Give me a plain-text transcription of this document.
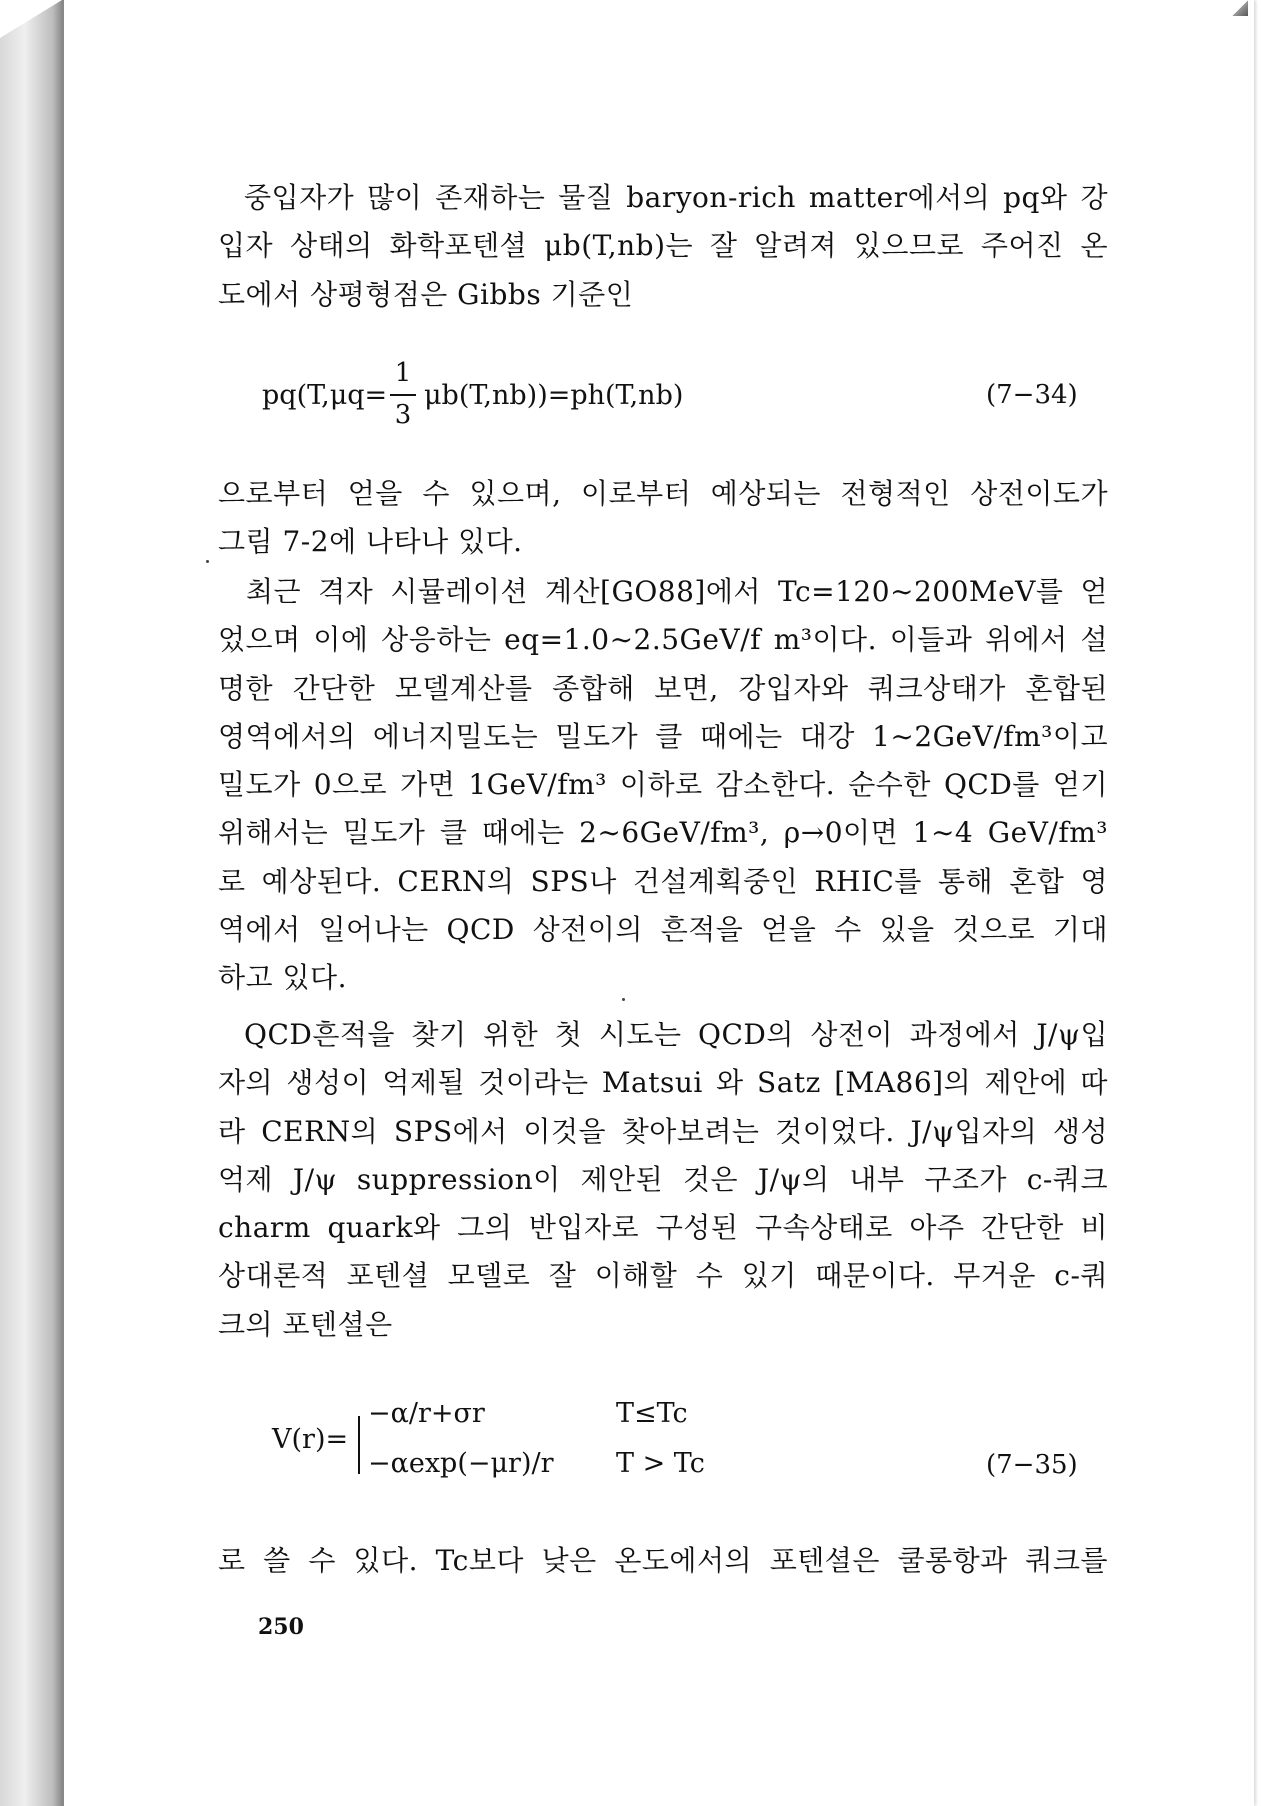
중입자가 많이 존재하는 물질 baryon-rich matter에서의 pq와 강
입자 상태의 화학포텐셜 μb(T,nb)는 잘 알려져 있으므로 주어진 온
도에서 상평형점은 Gibbs 기준인
pq(T,μq=
1
3
μb(T,nb))=ph(T,nb)	(7−34)
으로부터 얻을 수 있으며, 이로부터 예상되는 전형적인 상전이도가
그림 7-2에 나타나 있다.
최근 격자 시뮬레이션 계산[GO88]에서 Tc=120∼200MeV를 얻
었으며 이에 상응하는 eq=1.0∼2.5GeV/f m³이다. 이들과 위에서 설
명한 간단한 모델계산를 종합해 보면, 강입자와 쿼크상태가 혼합된
영역에서의 에너지밀도는 밀도가 클 때에는 대강 1∼2GeV/fm³이고
밀도가 0으로 가면 1GeV/fm³ 이하로 감소한다. 순수한 QCD를 얻기
위해서는 밀도가 클 때에는 2∼6GeV/fm³, ρ→0이면 1∼4 GeV/fm³
로 예상된다. CERN의 SPS나 건설계획중인 RHIC를 통해 혼합 영
역에서 일어나는 QCD 상전이의 흔적을 얻을 수 있을 것으로 기대
하고 있다.
QCD흔적을 찾기 위한 첫 시도는 QCD의 상전이 과정에서 J/ψ입
자의 생성이 억제될 것이라는 Matsui 와 Satz [MA86]의 제안에 따
라 CERN의 SPS에서 이것을 찾아보려는 것이었다. J/ψ입자의 생성
억제 J/ψ suppression이 제안된 것은 J/ψ의 내부 구조가 c-쿼크
charm quark와 그의 반입자로 구성된 구속상태로 아주 간단한 비
상대론적 포텐셜 모델로 잘 이해할 수 있기 때문이다. 무거운 c-쿼
크의 포텐셜은
V(r)=
−α/r+σr	T≤Tc
−αexp(−μr)/r T > Tc	(7−35)
로 쓸 수 있다. Tc보다 낮은 온도에서의 포텐셜은 쿨롱항과 쿼크를
250
